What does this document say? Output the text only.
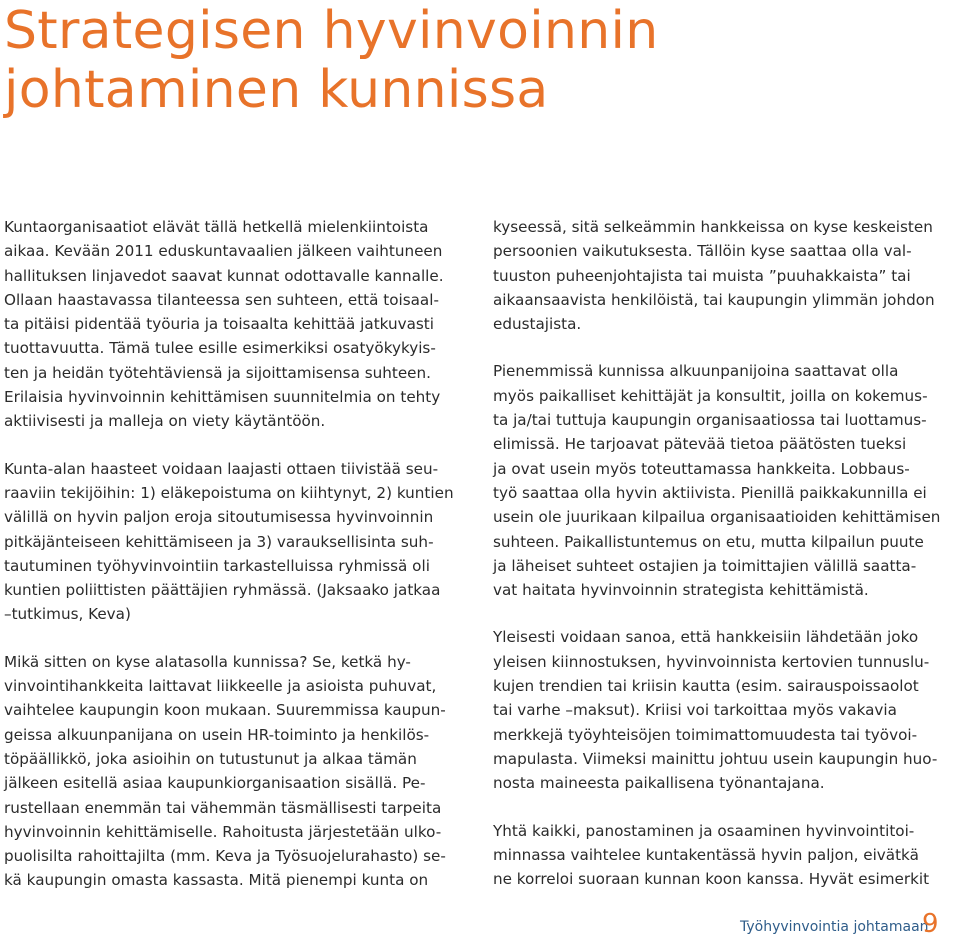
Strategisen hyvinvoinnin
johtaminen kunnissa

Kuntaorganisaatiot elävät tällä hetkellä mielenkiintoista
aikaa. Kevään 2011 eduskuntavaalien jälkeen vaihtuneen
hallituksen linjavedot saavat kunnat odottavalle kannalle.
Ollaan haastavassa tilanteessa sen suhteen, että toisaal-
ta pitäisi pidentää työuria ja toisaalta kehittää jatkuvasti
tuottavuutta. Tämä tulee esille esimerkiksi osatyökykyis-
ten ja heidän työtehtäviensä ja sijoittamisensa suhteen.
Erilaisia hyvinvoinnin kehittämisen suunnitelmia on tehty
aktiivisesti ja malleja on viety käytäntöön.

Kunta-alan haasteet voidaan laajasti ottaen tiivistää seu-
raaviin tekijöihin: 1) eläkepoistuma on kiihtynyt, 2) kuntien
välillä on hyvin paljon eroja sitoutumisessa hyvinvoinnin
pitkäjänteiseen kehittämiseen ja 3) varauksellisinta suh-
tautuminen työhyvinvointiin tarkastelluissa ryhmissä oli
kuntien poliittisten päättäjien ryhmässä. (Jaksaako jatkaa
–tutkimus, Keva)

Mikä sitten on kyse alatasolla kunnissa? Se, ketkä hy-
vinvointihankkeita laittavat liikkeelle ja asioista puhuvat,
vaihtelee kaupungin koon mukaan. Suuremmissa kaupun-
geissa alkuunpanijana on usein HR-toiminto ja henkilös-
töpäällikkö, joka asioihin on tutustunut ja alkaa tämän
jälkeen esitellä asiaa kaupunkiorganisaation sisällä. Pe-
rustellaan enemmän tai vähemmän täsmällisesti tarpeita
hyvinvoinnin kehittämiselle. Rahoitusta järjestetään ulko-
puolisilta rahoittajilta (mm. Keva ja Työsuojelurahasto) se-
kä kaupungin omasta kassasta. Mitä pienempi kunta on

kyseessä, sitä selkeämmin hankkeissa on kyse keskeisten
persoonien vaikutuksesta. Tällöin kyse saattaa olla val-
tuuston puheenjohtajista tai muista ”puuhakkaista” tai
aikaansaavista henkilöistä, tai kaupungin ylimmän johdon
edustajista.

Pienemmissä kunnissa alkuunpanijoina saattavat olla
myös paikalliset kehittäjät ja konsultit, joilla on kokemus-
ta ja/tai tuttuja kaupungin organisaatiossa tai luottamus-
elimissä. He tarjoavat pätevää tietoa päätösten tueksi
ja ovat usein myös toteuttamassa hankkeita. Lobbaus-
työ saattaa olla hyvin aktiivista. Pienillä paikkakunnilla ei
usein ole juurikaan kilpailua organisaatioiden kehittämisen
suhteen. Paikallistuntemus on etu, mutta kilpailun puute
ja läheiset suhteet ostajien ja toimittajien välillä saatta-
vat haitata hyvinvoinnin strategista kehittämistä.

Yleisesti voidaan sanoa, että hankkeisiin lähdetään joko
yleisen kiinnostuksen, hyvinvoinnista kertovien tunnuslu-
kujen trendien tai kriisin kautta (esim. sairauspoissaolot
tai varhe –maksut). Kriisi voi tarkoittaa myös vakavia
merkkejä työyhteisöjen toimimattomuudesta tai työvoi-
mapulasta. Viimeksi mainittu johtuu usein kaupungin huo-
nosta maineesta paikallisena työnantajana.

Yhtä kaikki, panostaminen ja osaaminen hyvinvointitoi-
minnassa vaihtelee kuntakentässä hyvin paljon, eivätkä
ne korreloi suoraan kunnan koon kanssa. Hyvät esimerkit

Työhyvinvointia johtamaan
9
